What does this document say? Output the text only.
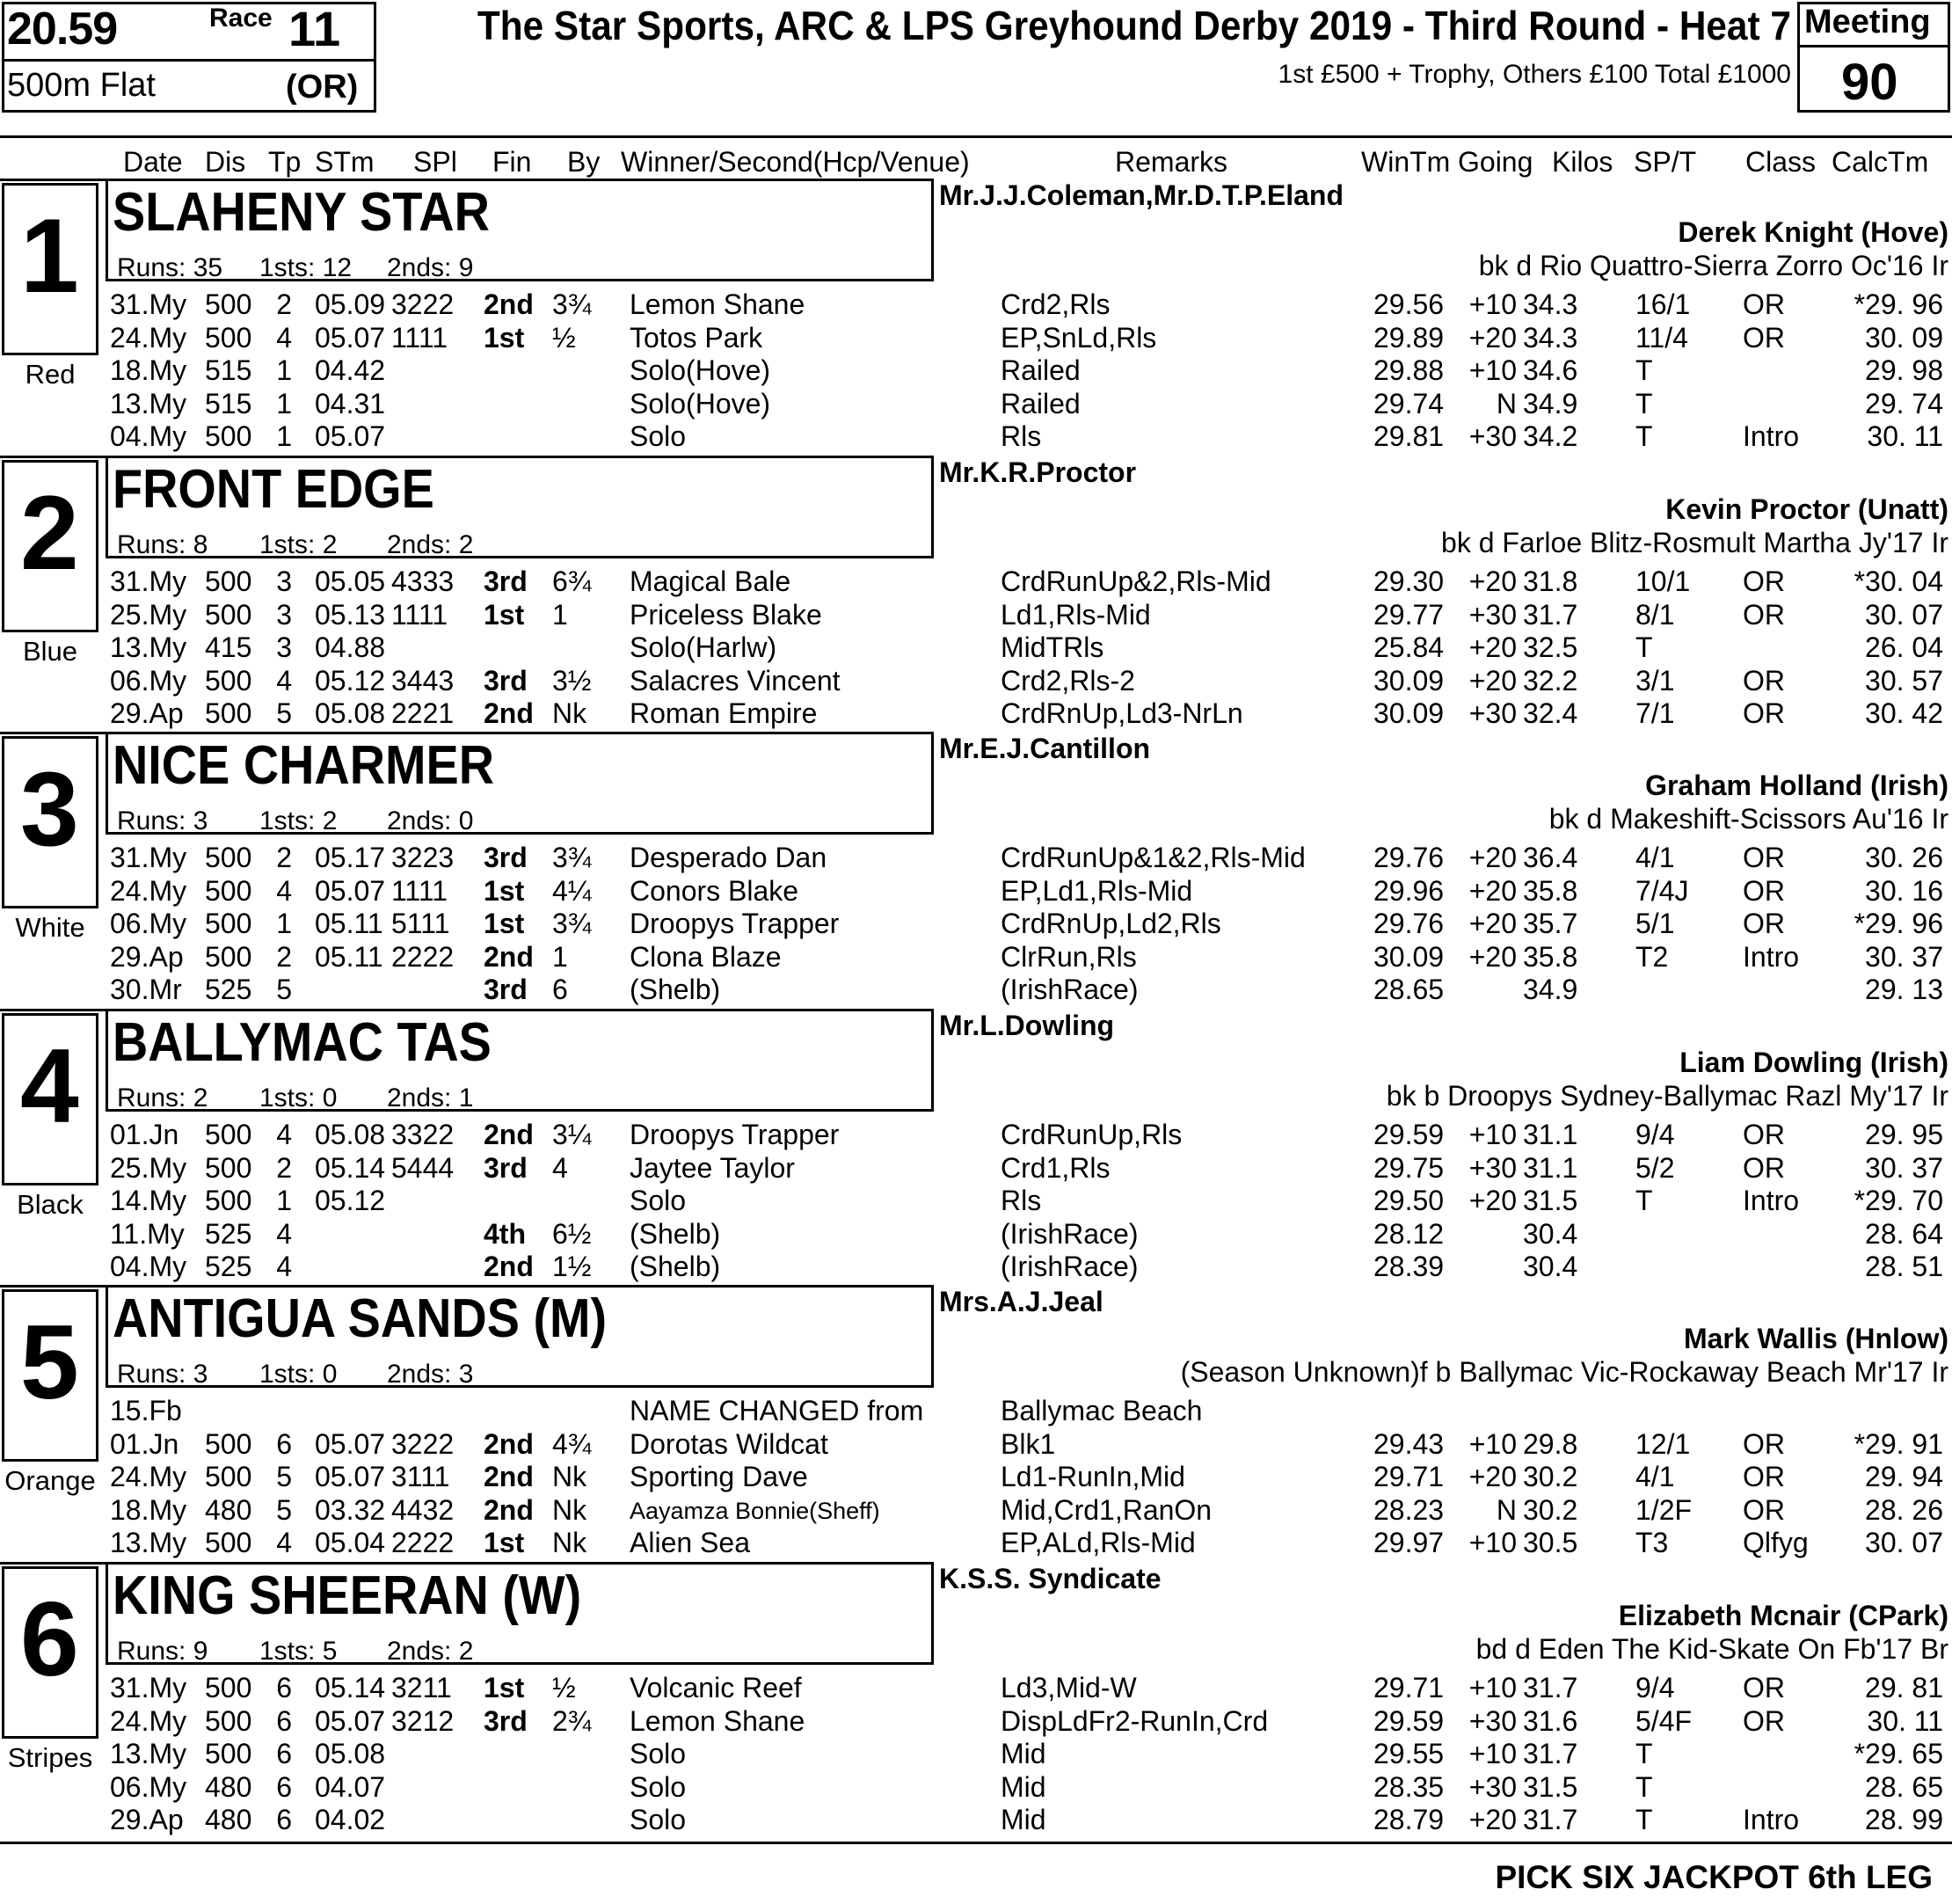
20.59	Race 11
500m Flat	(OR)
The Star Sports, ARC & LPS Greyhound Derby 2019 - Third Round - Heat 7
1st £500 + Trophy, Others £100 Total £1000
Meeting
90
Date Dis Tp STm SPl Fin By Winner/Second(Hcp/Venue)	Remarks	WinTm Going Kilos SP/T Class CalcTm
1
Red
SLAHENY STAR
Runs: 35 1sts: 12 2nds: 9
Mr.J.J.Coleman,Mr.D.T.P.Eland
Derek Knight (Hove)
bk d Rio Quattro-Sierra Zorro Oc'16 Ir
31.My 500 2 05.09 3222 2nd 3¾ Lemon Shane	Crd2,Rls	29.56 +10 34.3 16/1 OR *29. 96
24.My 500 4 05.07 1111 1st ½ Totos Park	EP,SnLd,Rls	29.89 +20 34.3 11/4 OR	30. 09
18.My 515 1 04.42	Solo(Hove)	Railed	29.88 +10 34.6 T	29. 98
13.My 515 1 04.31	Solo(Hove)	Railed	29.74 N 34.9 T	29. 74
04.My 500 1 05.07	Solo	Rls	29.81 +30 34.2 T	Intro 30. 11
2
Blue
FRONT EDGE
Runs: 8 1sts: 2 2nds: 2
Mr.K.R.Proctor
Kevin Proctor (Unatt)
bk d Farloe Blitz-Rosmult Martha Jy'17 Ir
31.My 500 3 05.05 4333 3rd 6¾ Magical Bale	CrdRunUp&2,Rls-Mid	29.30 +20 31.8 10/1 OR *30. 04
25.My 500 3 05.13 1111 1st 1 Priceless Blake	Ld1,Rls-Mid	29.77 +30 31.7 8/1 OR	30. 07
13.My 415 3 04.88	Solo(Harlw)	MidTRls	25.84 +20 32.5 T	26. 04
06.My 500 4 05.12 3443 3rd 3½ Salacres Vincent	Crd2,Rls-2	30.09 +20 32.2 3/1 OR	30. 57
29.Ap 500 5 05.08 2221 2nd Nk Roman Empire	CrdRnUp,Ld3-NrLn	30.09 +30 32.4 7/1 OR	30. 42
3
White
NICE CHARMER
Runs: 3 1sts: 2 2nds: 0
Mr.E.J.Cantillon
Graham Holland (Irish)
bk d Makeshift-Scissors Au'16 Ir
31.My 500 2 05.17 3223 3rd 3¾ Desperado Dan	CrdRunUp&1&2,Rls-Mid 29.76 +20 36.4 4/1 OR	30. 26
24.My 500 4 05.07 1111 1st 4¼ Conors Blake	EP,Ld1,Rls-Mid	29.96 +20 35.8 7/4J OR	30. 16
06.My 500 1 05.11 5111 1st 3¾ Droopys Trapper	CrdRnUp,Ld2,Rls	29.76 +20 35.7 5/1 OR *29. 96
29.Ap 500 2 05.11 2222 2nd 1 Clona Blaze	ClrRun,Rls	30.09 +20 35.8 T2	Intro 30. 37
30.Mr 525 5	3rd 6 (Shelb)	(IrishRace)	28.65	34.9	29. 13
4
Black
BALLYMAC TAS
Runs: 2 1sts: 0 2nds: 1
Mr.L.Dowling
Liam Dowling (Irish)
bk b Droopys Sydney-Ballymac Razl My'17 Ir
01.Jn 500 4 05.08 3322 2nd 3¼ Droopys Trapper	CrdRunUp,Rls	29.59 +10 31.1 9/4 OR	29. 95
25.My 500 2 05.14 5444 3rd 4 Jaytee Taylor	Crd1,Rls	29.75 +30 31.1 5/2 OR	30. 37
14.My 500 1 05.12	Solo	Rls	29.50 +20 31.5 T	Intro *29. 70
11.My 525 4	4th 6½ (Shelb)	(IrishRace)	28.12	30.4	28. 64
04.My 525 4	2nd 1½ (Shelb)	(IrishRace)	28.39	30.4	28. 51
5
Orange
ANTIGUA SANDS (M)
Runs: 3 1sts: 0 2nds: 3
Mrs.A.J.Jeal
Mark Wallis (Hnlow)
(Season Unknown)f b Ballymac Vic-Rockaway Beach Mr'17 Ir
15.Fb	NAME CHANGED from	Ballymac Beach
01.Jn 500 6 05.07 3222 2nd 4¾ Dorotas Wildcat	Blk1	29.43 +10 29.8 12/1 OR *29. 91
24.My 500 5 05.07 3111 2nd Nk Sporting Dave	Ld1-RunIn,Mid	29.71 +20 30.2 4/1 OR	29. 94
18.My 480 5 03.32 4432 2nd Nk Aayamza Bonnie(Sheff)	Mid,Crd1,RanOn	28.23 N 30.2 1/2F OR	28. 26
13.My 500 4 05.04 2222 1st Nk Alien Sea	EP,ALd,Rls-Mid	29.97 +10 30.5 T3	Qlfyg 30. 07
6
Stripes
KING SHEERAN (W)
Runs: 9 1sts: 5 2nds: 2
K.S.S. Syndicate
Elizabeth Mcnair (CPark)
bd d Eden The Kid-Skate On Fb'17 Br
31.My 500 6 05.14 3211 1st ½ Volcanic Reef	Ld3,Mid-W	29.71 +10 31.7 9/4 OR	29. 81
24.My 500 6 05.07 3212 3rd 2¾ Lemon Shane	DispLdFr2-RunIn,Crd	29.59 +30 31.6 5/4F OR	30. 11
13.My 500 6 05.08	Solo	Mid	29.55 +10 31.7 T	*29. 65
06.My 480 6 04.07	Solo	Mid	28.35 +30 31.5 T	28. 65
29.Ap 480 6 04.02	Solo	Mid	28.79 +20 31.7 T	Intro 28. 99
PICK SIX JACKPOT 6th LEG
